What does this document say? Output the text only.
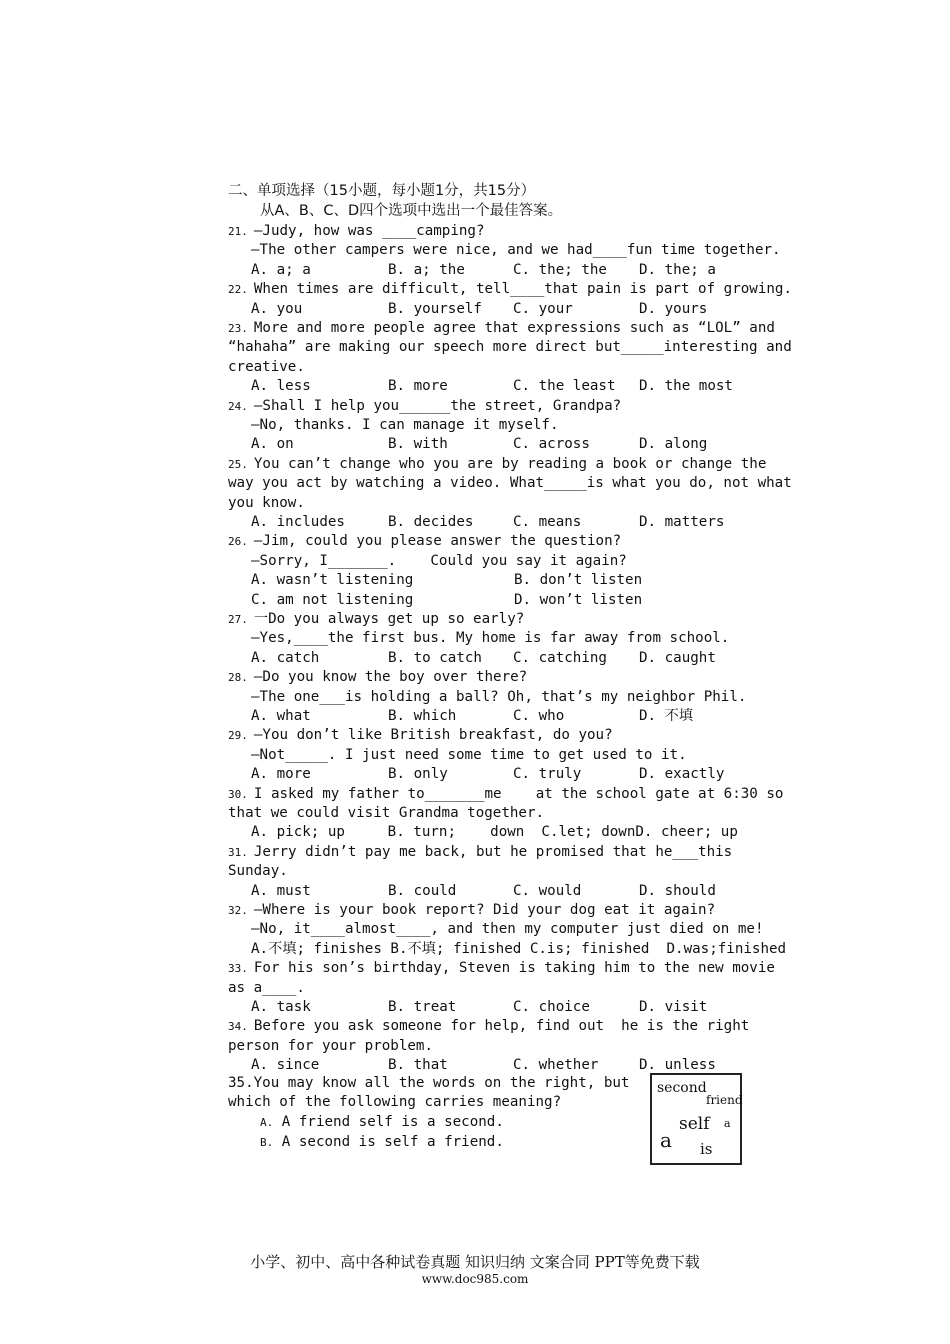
二、单项选择（15小题，每小题1分，共15分）
从A、B、C、D四个选项中选出一个最佳答案。
21. —Judy, how was ____camping?
—The other campers were nice, and we had____fun time together.
A. a; a	B. a; the	C. the; the D. the; a
22. When times are difficult, tell____that pain is part of growing.
A. you	B. yourself C. your	D. yours
23. More and more people agree that expressions such as “LOL” and
“hahaha” are making our speech more direct but_____interesting and
creative.
A. less	B. more	C. the least D. the most
24. —Shall I help you______the street, Grandpa?
—No, thanks. I can manage it myself.
A. on	B. with	C. across	D. along
25. You can’t change who you are by reading a book or change the
way you act by watching a video. What_____is what you do, not what
you know.
A. includes	B. decides	C. means	D. matters
26. —Jim, could you please answer the question?
—Sorry, I_______.    Could you say it again?
A. wasn’t listening	B. don’t listen
C. am not listening	D. won’t listen
27. 一Do you always get up so early?
—Yes,____the first bus. My home is far away from school.
A. catch	B. to catch C. catching D. caught
28. —Do you know the boy over there?
—The one___is holding a ball? Oh, that’s my neighbor Phil.
A. what	B. which	C. who	D. 不填
29. —You don’t like British breakfast, do you?
—Not_____. I just need some time to get used to it.
A. more	B. only	C. truly	D. exactly
30. I asked my father to_______me    at the school gate at 6:30 so
that we could visit Grandma together.
A. pick; up     B. turn;    down  C.let; downD. cheer; up
31. Jerry didn’t pay me back, but he promised that he___this
Sunday.
A. must	B. could	C. would	D. should
32. —Where is your book report? Did your dog eat it again?
—No, it____almost____, and then my computer just died on me!
A.不填; finishes B.不填; finished C.is; finished  D.was;finished
33. For his son’s birthday, Steven is taking him to the new movie
as a____.
A. task	B. treat	C. choice	D. visit
34. Before you ask someone for help, find out  he is the right
person for your problem.
A. since	B. that	C. whether	D. unless
35.You may know all the words on the right, but
which of the following carries meaning?
A. A friend self is a second.
B. A second is self a friend.
second
friend
self a
a is
小学、初中、高中各种试卷真题 知识归纳 文案合同 PPT等免费下载
www.doc985.com
